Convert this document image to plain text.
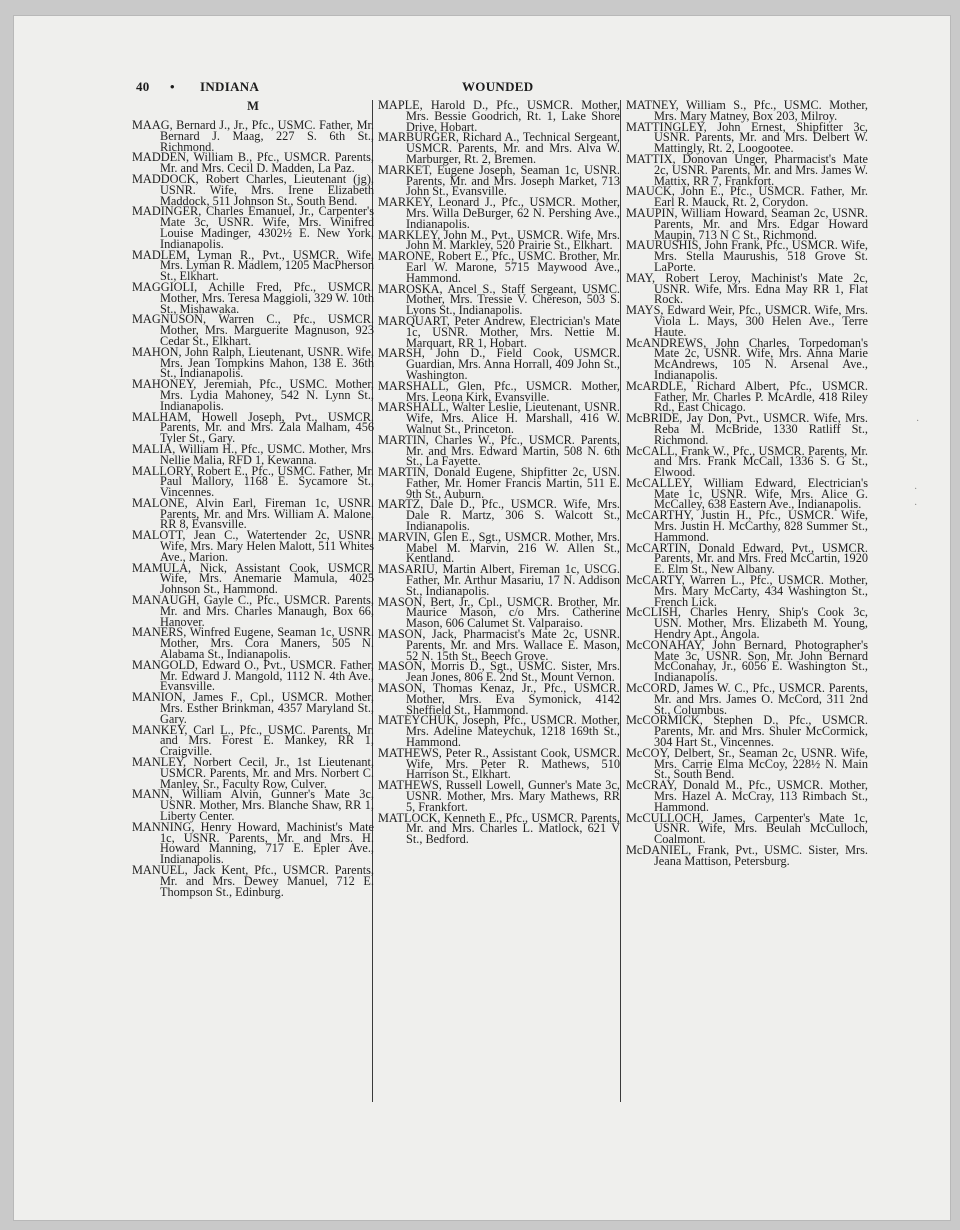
·
·
·
40 • INDIANA	WOUNDED
M

MAAG, Bernard J., Jr., Pfc., USMC. Father, Mr. Bernard J. Maag, 227 S. 6th St., Richmond.

MADDEN, William B., Pfc., USMCR. Parents, Mr. and Mrs. Cecil D. Madden, La Paz.

MADDOCK, Robert Charles, Lieutenant (jg), USNR. Wife, Mrs. Irene Elizabeth Maddock, 511 Johnson St., South Bend.

MADINGER, Charles Emanuel, Jr., Carpenter's Mate 3c, USNR. Wife, Mrs. Winifred Louise Madinger, 4302½ E. New York, Indianapolis.

MADLEM, Lyman R., Pvt., USMCR. Wife, Mrs. Lyman R. Madlem, 1205 MacPherson St., Elkhart.

MAGGIOLI, Achille Fred, Pfc., USMCR. Mother, Mrs. Teresa Maggioli, 329 W. 10th St., Mishawaka.

MAGNUSON, Warren C., Pfc., USMCR. Mother, Mrs. Marguerite Magnuson, 923 Cedar St., Elkhart.

MAHON, John Ralph, Lieutenant, USNR. Wife, Mrs. Jean Tompkins Mahon, 138 E. 36th St., Indianapolis.

MAHONEY, Jeremiah, Pfc., USMC. Mother, Mrs. Lydia Mahoney, 542 N. Lynn St., Indianapolis.

MALHAM, Howell Joseph, Pvt., USMCR. Parents, Mr. and Mrs. Zala Malham, 456 Tyler St., Gary.

MALIA, William H., Pfc., USMC. Mother, Mrs. Nellie Malia, RFD 1, Kewanna.

MALLORY, Robert E., Pfc., USMC. Father, Mr. Paul Mallory, 1168 E. Sycamore St., Vincennes.

MALONE, Alvin Earl, Fireman 1c, USNR. Parents, Mr. and Mrs. William A. Malone, RR 8, Evansville.

MALOTT, Jean C., Watertender 2c, USNR. Wife, Mrs. Mary Helen Malott, 511 Whites Ave., Marion.

MAMULA, Nick, Assistant Cook, USMCR. Wife, Mrs. Anemarie Mamula, 4025 Johnson St., Hammond.

MANAUGH, Gayle C., Pfc., USMCR. Parents, Mr. and Mrs. Charles Manaugh, Box 66, Hanover.

MANERS, Winfred Eugene, Seaman 1c, USNR. Mother, Mrs. Cora Maners, 505 N. Alabama St., Indianapolis.

MANGOLD, Edward O., Pvt., USMCR. Father, Mr. Edward J. Mangold, 1112 N. 4th Ave., Evansville.

MANION, James F., Cpl., USMCR. Mother, Mrs. Esther Brinkman, 4357 Maryland St., Gary.

MANKEY, Carl L., Pfc., USMC. Parents, Mr. and Mrs. Forest E. Mankey, RR 1, Craigville.

MANLEY, Norbert Cecil, Jr., 1st Lieutenant, USMCR. Parents, Mr. and Mrs. Norbert C. Manley, Sr., Faculty Row, Culver.

MANN, William Alvin, Gunner's Mate 3c, USNR. Mother, Mrs. Blanche Shaw, RR 1, Liberty Center.

MANNING, Henry Howard, Machinist's Mate 1c, USNR. Parents, Mr. and Mrs. H. Howard Manning, 717 E. Epler Ave., Indianapolis.

MANUEL, Jack Kent, Pfc., USMCR. Parents, Mr. and Mrs. Dewey Manuel, 712 E. Thompson St., Edinburg.

MAPLE, Harold D., Pfc., USMCR. Mother, Mrs. Bessie Goodrich, Rt. 1, Lake Shore Drive, Hobart.

MARBURGER, Richard A., Technical Sergeant, USMCR. Parents, Mr. and Mrs. Alva W. Marburger, Rt. 2, Bremen.

MARKET, Eugene Joseph, Seaman 1c, USNR. Parents, Mr. and Mrs. Joseph Market, 713 John St., Evansville.

MARKEY, Leonard J., Pfc., USMCR. Mother, Mrs. Willa DeBurger, 62 N. Pershing Ave., Indianapolis.

MARKLEY, John M., Pvt., USMCR. Wife, Mrs. John M. Markley, 520 Prairie St., Elkhart.

MARONE, Robert E., Pfc., USMC. Brother, Mr. Earl W. Marone, 5715 Maywood Ave., Hammond.

MAROSKA, Ancel S., Staff Sergeant, USMC. Mother, Mrs. Tressie V. Chereson, 503 S. Lyons St., Indianapolis.

MARQUART, Peter Andrew, Electrician's Mate 1c, USNR. Mother, Mrs. Nettie M. Marquart, RR 1, Hobart.

MARSH, John D., Field Cook, USMCR. Guardian, Mrs. Anna Horrall, 409 John St., Washington.

MARSHALL, Glen, Pfc., USMCR. Mother, Mrs. Leona Kirk, Evansville.

MARSHALL, Walter Leslie, Lieutenant, USNR. Wife, Mrs. Alice H. Marshall, 416 W. Walnut St., Princeton.

MARTIN, Charles W., Pfc., USMCR. Parents, Mr. and Mrs. Edward Martin, 508 N. 6th St., La Fayette.

MARTIN, Donald Eugene, Shipfitter 2c, USN. Father, Mr. Homer Francis Martin, 511 E. 9th St., Auburn.

MARTZ, Dale D., Pfc., USMCR. Wife, Mrs. Dale R. Martz, 306 S. Walcott St., Indianapolis.

MARVIN, Glen E., Sgt., USMCR. Mother, Mrs. Mabel M. Marvin, 216 W. Allen St., Kentland.

MASARIU, Martin Albert, Fireman 1c, USCG. Father, Mr. Arthur Masariu, 17 N. Addison St., Indianapolis.

MASON, Bert, Jr., Cpl., USMCR. Brother, Mr. Maurice Mason, c/o Mrs. Catherine Mason, 606 Calumet St. Valparaiso.

MASON, Jack, Pharmacist's Mate 2c, USNR. Parents, Mr. and Mrs. Wallace E. Mason, 52 N. 15th St., Beech Grove.

MASON, Morris D., Sgt., USMC. Sister, Mrs. Jean Jones, 806 E. 2nd St., Mount Vernon.

MASON, Thomas Kenaz, Jr., Pfc., USMCR. Mother, Mrs. Eva Symonick, 4142 Sheffield St., Hammond.

MATEYCHUK, Joseph, Pfc., USMCR. Mother, Mrs. Adeline Mateychuk, 1218 169th St., Hammond.

MATHEWS, Peter R., Assistant Cook, USMCR. Wife, Mrs. Peter R. Mathews, 510 Harrison St., Elkhart.

MATHEWS, Russell Lowell, Gunner's Mate 3c, USNR. Mother, Mrs. Mary Mathews, RR 5, Frankfort.

MATLOCK, Kenneth E., Pfc., USMCR. Parents, Mr. and Mrs. Charles L. Matlock, 621 V St., Bedford.

MATNEY, William S., Pfc., USMC. Mother, Mrs. Mary Matney, Box 203, Milroy.

MATTINGLEY, John Ernest, Shipfitter 3c, USNR. Parents, Mr. and Mrs. Delbert W. Mattingly, Rt. 2, Loogootee.

MATTIX, Donovan Unger, Pharmacist's Mate 2c, USNR. Parents, Mr. and Mrs. James W. Mattix, RR 7, Frankfort.

MAUCK, John E., Pfc., USMCR. Father, Mr. Earl R. Mauck, Rt. 2, Corydon.

MAUPIN, William Howard, Seaman 2c, USNR. Parents, Mr. and Mrs. Edgar Howard Maupin, 713 N C St., Richmond.

MAURUSHIS, John Frank, Pfc., USMCR. Wife, Mrs. Stella Maurushis, 518 Grove St. LaPorte.

MAY, Robert Leroy, Machinist's Mate 2c, USNR. Wife, Mrs. Edna May RR 1, Flat Rock.

MAYS, Edward Weir, Pfc., USMCR. Wife, Mrs. Viola L. Mays, 300 Helen Ave., Terre Haute.

McANDREWS, John Charles, Torpedoman's Mate 2c, USNR. Wife, Mrs. Anna Marie McAndrews, 105 N. Arsenal Ave., Indianapolis.

McARDLE, Richard Albert, Pfc., USMCR. Father, Mr. Charles P. McArdle, 418 Riley Rd., East Chicago.

McBRIDE, Jay Don, Pvt., USMCR. Wife, Mrs. Reba M. McBride, 1330 Ratliff St., Richmond.

McCALL, Frank W., Pfc., USMCR. Parents, Mr. and Mrs. Frank McCall, 1336 S. G St., Elwood.

McCALLEY, William Edward, Electrician's Mate 1c, USNR. Wife, Mrs. Alice G. McCalley, 638 Eastern Ave., Indianapolis.

McCARTHY, Justin H., Pfc., USMCR. Wife, Mrs. Justin H. McCarthy, 828 Summer St., Hammond.

McCARTIN, Donald Edward, Pvt., USMCR. Parents, Mr. and Mrs. Fred McCartin, 1920 E. Elm St., New Albany.

McCARTY, Warren L., Pfc., USMCR. Mother, Mrs. Mary McCarty, 434 Washington St., French Lick.

McCLISH, Charles Henry, Ship's Cook 3c, USN. Mother, Mrs. Elizabeth M. Young, Hendry Apt., Angola.

McCONAHAY, John Bernard, Photographer's Mate 3c, USNR. Son, Mr. John Bernard McConahay, Jr., 6056 E. Washington St., Indianapolis.

McCORD, James W. C., Pfc., USMCR. Parents, Mr. and Mrs. James O. McCord, 311 2nd St., Columbus.

McCORMICK, Stephen D., Pfc., USMCR. Parents, Mr. and Mrs. Shuler McCormick, 304 Hart St., Vincennes.

McCOY, Delbert, Sr., Seaman 2c, USNR. Wife, Mrs. Carrie Elma McCoy, 228½ N. Main St., South Bend.

McCRAY, Donald M., Pfc., USMCR. Mother, Mrs. Hazel A. McCray, 113 Rimbach St., Hammond.

McCULLOCH, James, Carpenter's Mate 1c, USNR. Wife, Mrs. Beulah McCulloch, Coalmont.

McDANIEL, Frank, Pvt., USMC. Sister, Mrs. Jeana Mattison, Petersburg.
